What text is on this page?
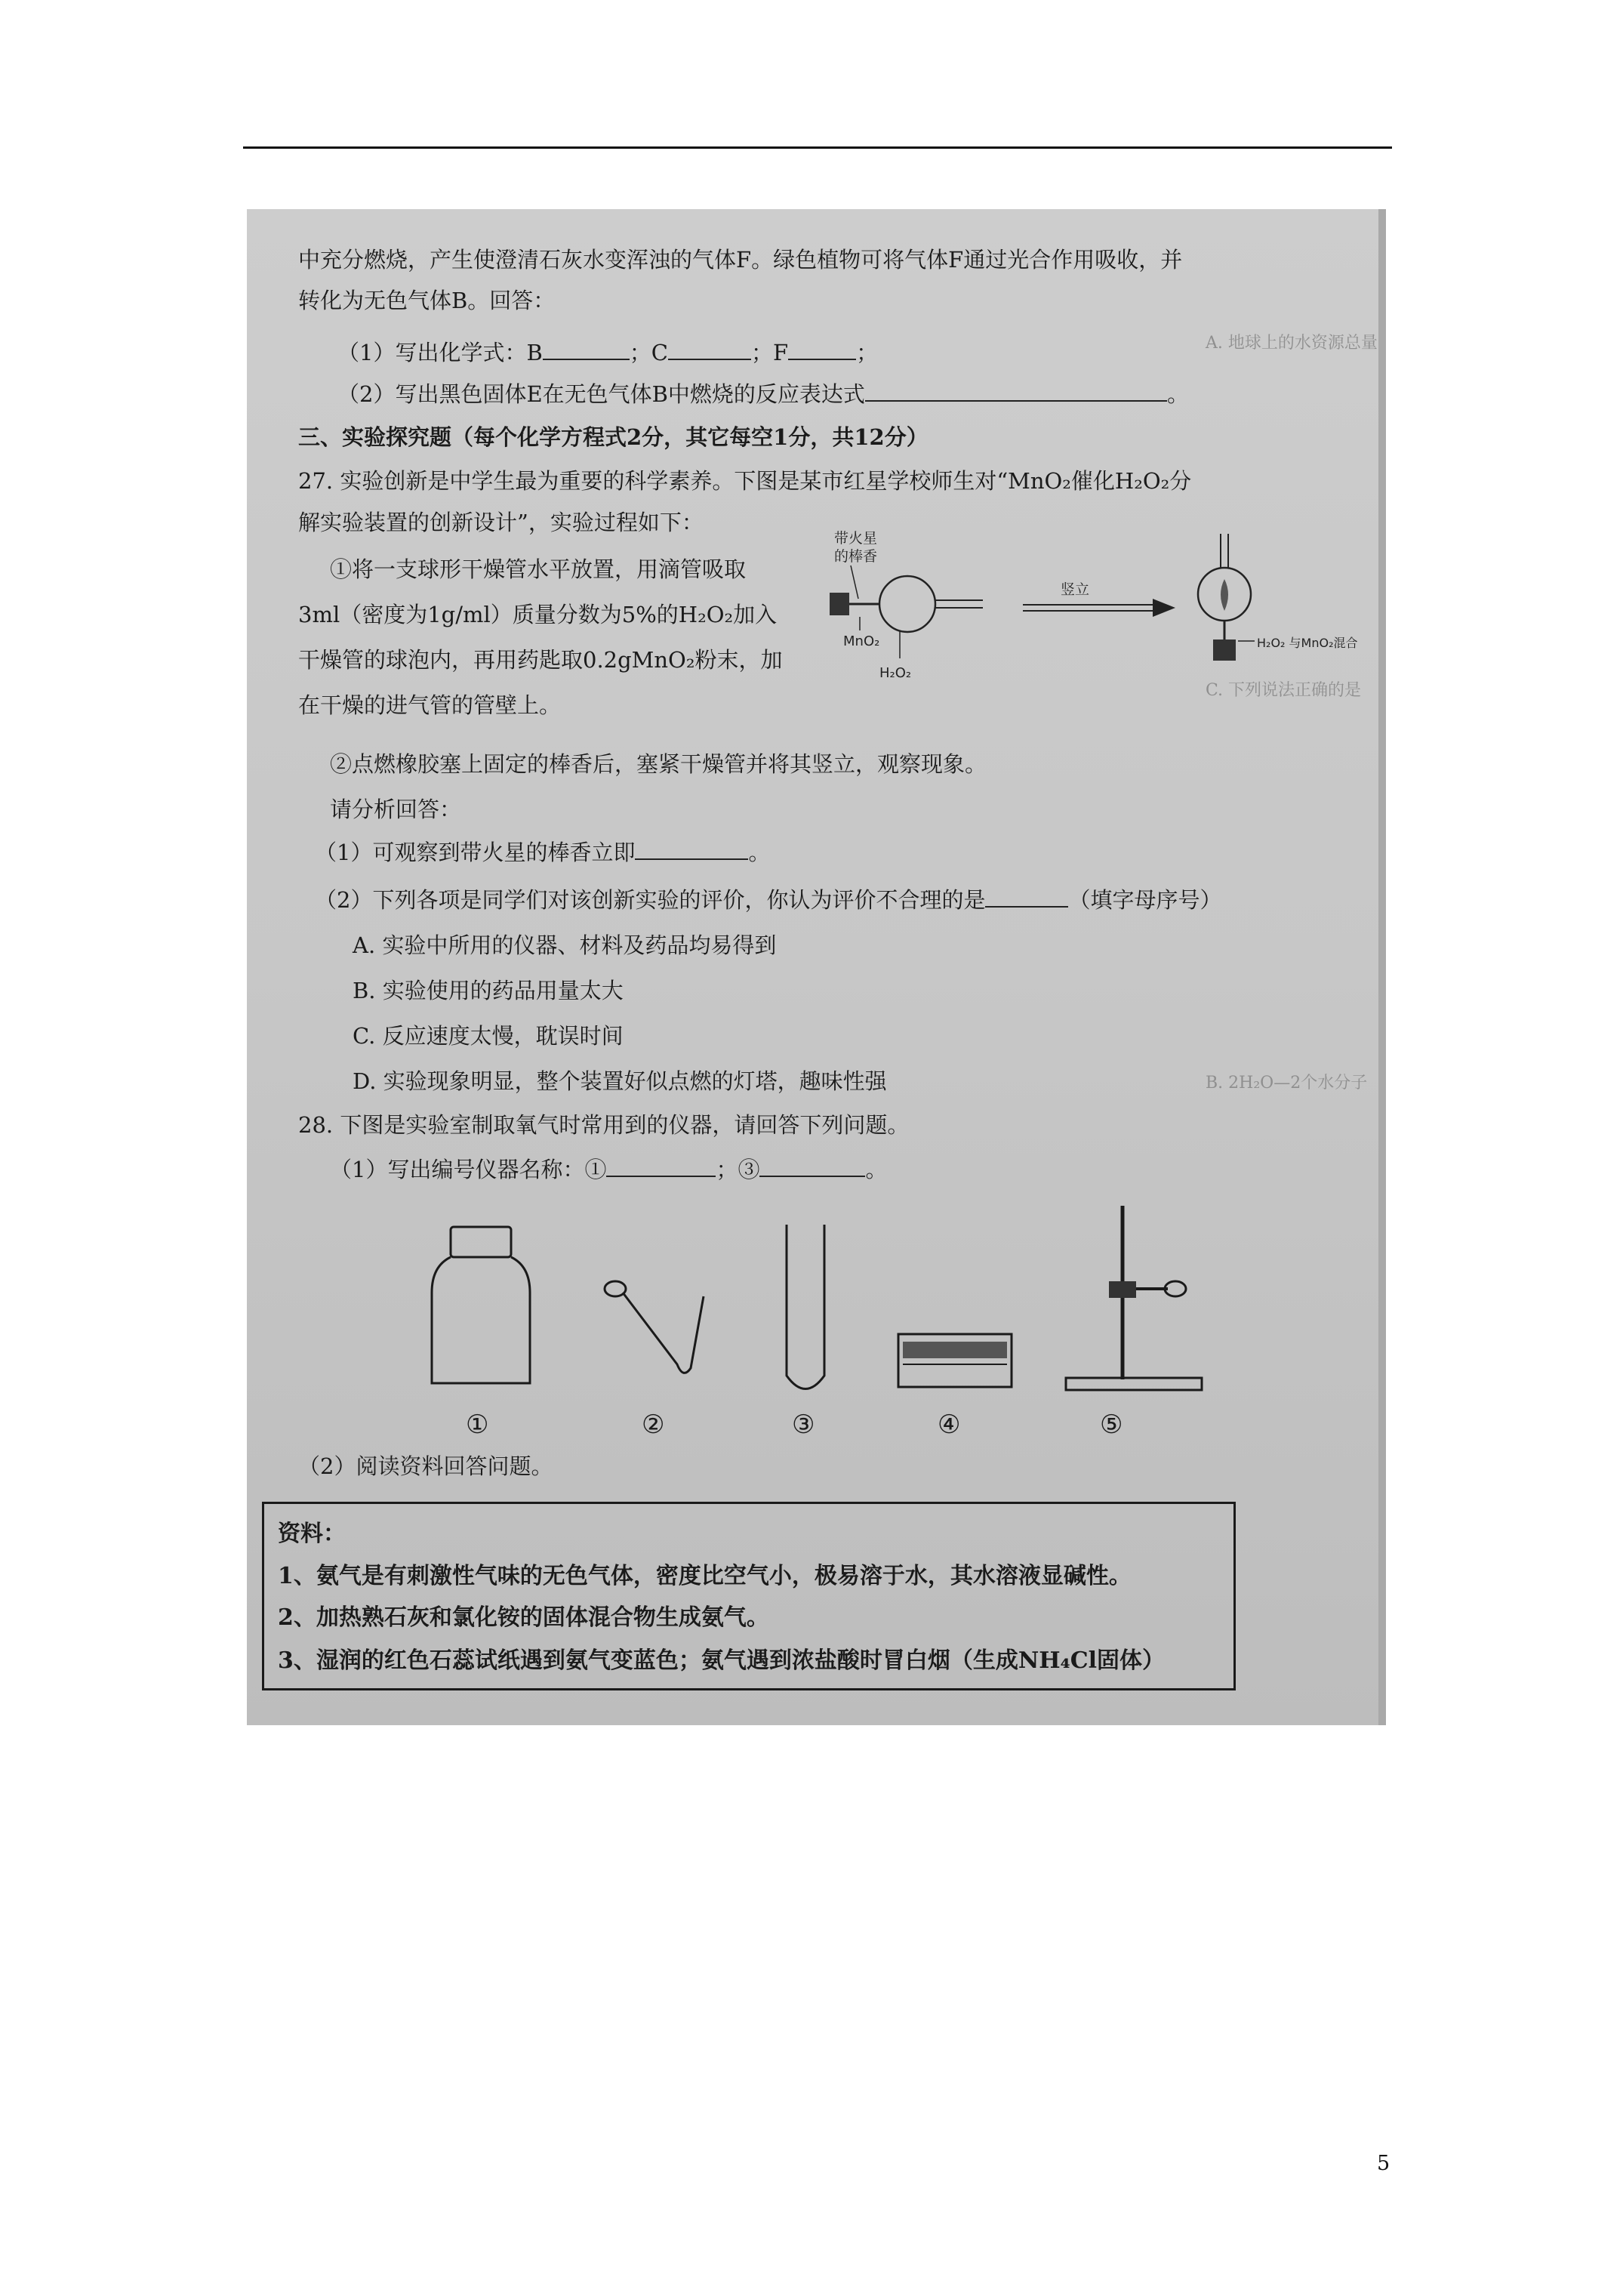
A. 地球上的水资源总量
C. 下列说法正确的是
B. 2H₂O—2个水分子
中充分燃烧，产生使澄清石灰水变浑浊的气体F。绿色植物可将气体F通过光合作用吸收，并
转化为无色气体B。回答：
（1）写出化学式：B	；C	；F	；
（2）写出黑色固体E在无色气体B中燃烧的反应表达式	。
三、实验探究题（每个化学方程式2分，其它每空1分，共12分）
27. 实验创新是中学生最为重要的科学素养。下图是某市红星学校师生对“MnO₂催化H₂O₂分
解实验装置的创新设计”，实验过程如下：
①将一支球形干燥管水平放置，用滴管吸取
3ml（密度为1g/ml）质量分数为5%的H₂O₂加入
干燥管的球泡内，再用药匙取0.2gMnO₂粉末，加
在干燥的进气管的管壁上。
带火星
的棒香
MnO₂
H₂O₂
竖立
H₂O₂ 与MnO₂混合
②点燃橡胶塞上固定的棒香后，塞紧干燥管并将其竖立，观察现象。
请分析回答：
（1）可观察到带火星的棒香立即	。
（2）下列各项是同学们对该创新实验的评价，你认为评价不合理的是	（填字母序号）
A. 实验中所用的仪器、材料及药品均易得到
B. 实验使用的药品用量太大
C. 反应速度太慢，耽误时间
D. 实验现象明显，整个装置好似点燃的灯塔，趣味性强
28. 下图是实验室制取氧气时常用到的仪器，请回答下列问题。
（1）写出编号仪器名称：①	；③	。
①	②	③	④	⑤
（2）阅读资料回答问题。
资料：
1、氨气是有刺激性气味的无色气体，密度比空气小，极易溶于水，其水溶液显碱性。
2、加热熟石灰和氯化铵的固体混合物生成氨气。
3、湿润的红色石蕊试纸遇到氨气变蓝色；氨气遇到浓盐酸时冒白烟（生成NH₄Cl固体）
5
